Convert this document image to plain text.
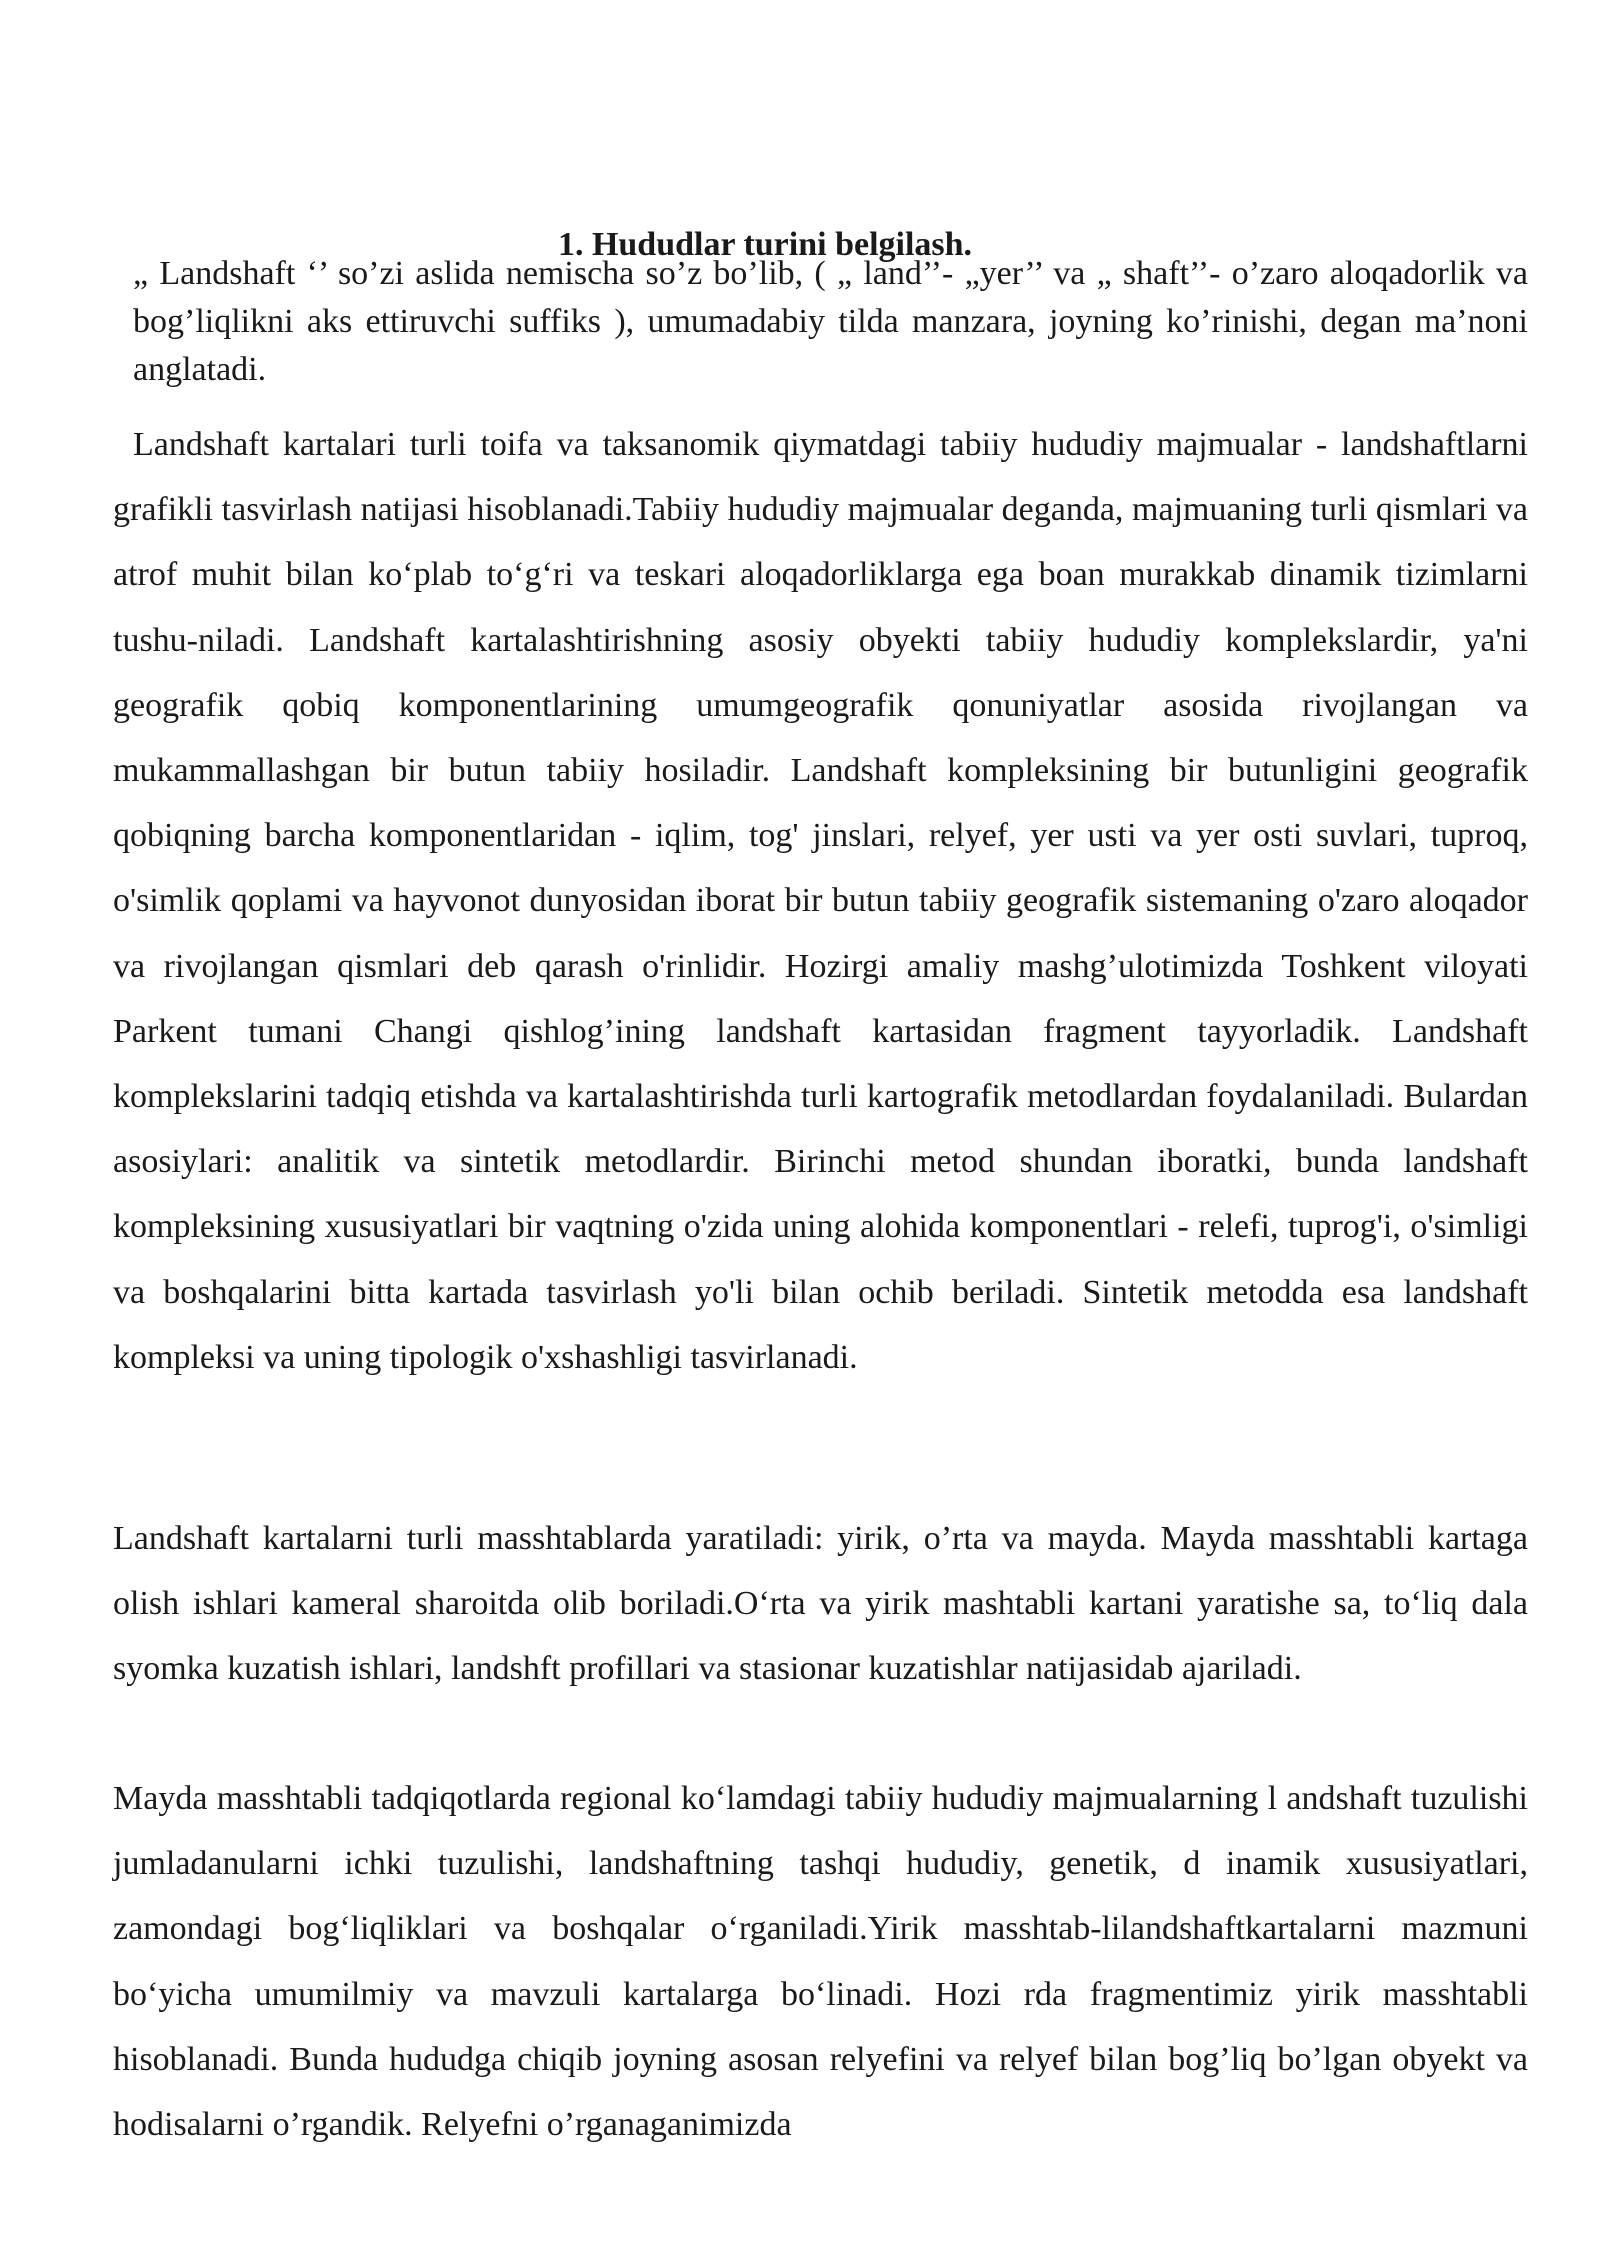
1. Hududlar turini belgilash.

„ Landshaft ‘’ so’zi aslida nemischa so’z bo’lib, ( „ land’’- „yer’’ va „ shaft’’- o’zaro aloqadorlik va bog’liqlikni aks ettiruvchi suffiks ), umumadabiy tilda manzara, joyning ko’rinishi, degan ma’noni anglatadi.

Landshaft kartalari turli toifa va taksanomik qiymatdagi tabiiy hududiy majmualar - landshaftlarni grafikli tasvirlash natijasi hisoblanadi.Tabiiy hududiy majmualar deganda, majmuaning turli qismlari va atrof muhit bilan ko‘plab to‘g‘ri va teskari aloqadorliklarga ega boan murakkab dinamik tizimlarni tushu-niladi. Landshaft kartalashtirishning asosiy obyekti tabiiy hududiy komplekslardir, ya'ni geografik qobiq komponentlarining umumgeografik qonuniyatlar asosida rivojlangan va mukammallashgan bir butun tabiiy hosiladir. Landshaft kompleksining bir butunligini geografik qobiqning barcha komponentlaridan - iqlim, tog' jinslari, relyef, yer usti va yer osti suvlari, tuproq, o'simlik qoplami va hayvonot dunyosidan iborat bir butun tabiiy geografik sistemaning o'zaro aloqador va rivojlangan qismlari deb qarash o'rinlidir. Hozirgi amaliy mashg’ulotimizda Toshkent viloyati Parkent tumani Changi qishlog’ining landshaft kartasidan fragment tayyorladik. Landshaft komplekslarini tadqiq etishda va kartalashtirishda turli kartografik metodlardan foydalaniladi. Bulardan asosiylari: analitik va sintetik metodlardir. Birinchi metod shundan iboratki, bunda landshaft kompleksining xususiyatlari bir vaqtning o'zida uning alohida komponentlari - relefi, tuprog'i, o'simligi va boshqalarini bitta kartada tasvirlash yo'li bilan ochib beriladi. Sintetik metodda esa landshaft kompleksi va uning tipologik o'xshashligi tasvirlanadi.

Landshaft kartalarni turli masshtablarda yaratiladi: yirik, o’rta va mayda. Mayda masshtabli kartaga olish ishlari kameral sharoitda olib boriladi.O‘rta va yirik mashtabli kartani yaratishe sa, to‘liq dala syomka kuzatish ishlari, landshft profillari va stasionar kuzatishlar natijasidab ajariladi.

Mayda masshtabli tadqiqotlarda regional ko‘lamdagi tabiiy hududiy majmualarning l andshaft tuzulishi jumladanularni ichki tuzulishi, landshaftning tashqi hududiy, genetik, d inamik xususiyatlari, zamondagi bog‘liqliklari va boshqalar o‘rganiladi.Yirik masshtab-lilandshaftkartalarni mazmuni bo‘yicha umumilmiy va mavzuli kartalarga bo‘linadi. Hozi rda fragmentimiz yirik masshtabli hisoblanadi. Bunda hududga chiqib joyning asosan relyefini va relyef bilan bog’liq bo’lgan obyekt va hodisalarni o’rgandik. Relyefni o’rganaganimizda
